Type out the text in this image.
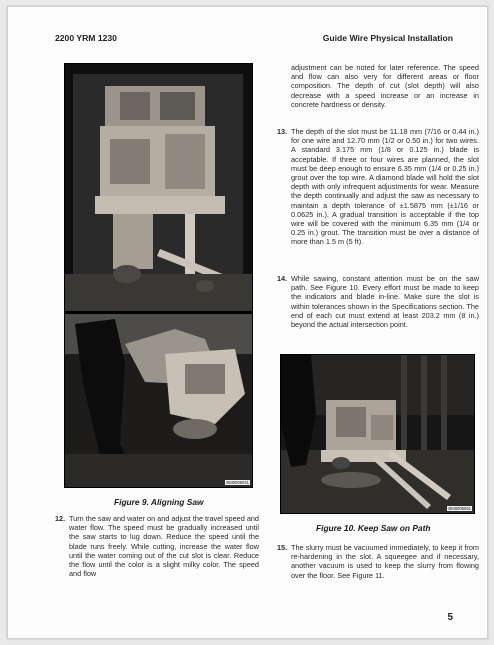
2200 YRM 1230	Guide Wire Physical Installation
BM0005041
Figure 9. Aligning Saw
12. Turn the saw and water on and adjust the travel speed and water flow. The speed must be gradually increased until the saw starts to lug down. Reduce the speed until the blade runs freely. While cutting, increase the water flow until the water coming out of the cut slot is clear. Reduce the flow until the color is a slight milky color. The speed and flow
adjustment can be noted for later reference. The speed and flow can also very for different areas or floor composition. The depth of cut (slot depth) will also decrease with a speed increase or an increase in concrete hardness or density.
13. The depth of the slot must be 11.18 mm (7/16 or 0.44 in.) for one wire and 12.70 mm (1/2 or 0.50 in.) for two wires. A standard 3.175 mm (1/8 or 0.125 in.) blade is acceptable. If three or four wires are planned, the slot must be deep enough to ensure 6.35 mm (1/4 or 0.25 in.) grout over the top wire. A diamond blade will hold the slot depth with only infrequent adjustments for wear. Measure the depth continually and adjust the saw as necessary to maintain a depth tolerance of ±1.5875 mm (±1/16 or 0.0625 in.). A gradual transition is acceptable if the top wire will be covered with the minimum 6.35 mm (1/4 or 0.25 in.) grout. The transition must be over a distance of more than 1.5 m (5 ft).
14. While sawing, constant attention must be on the saw path. See Figure 10. Every effort must be made to keep the indicators and blade in-line. Make sure the slot is within tolerances shown in the Specifications section. The end of each cut must extend at least 203.2 mm (8 in.) beyond the actual intersection point.
BM0005051
Figure 10. Keep Saw on Path
15. The slurry must be vacuumed immediately, to keep it from re-hardening in the slot. A squeegee and if necessary, another vacuum is used to keep the slurry from flowing over the floor. See Figure 11.
5
